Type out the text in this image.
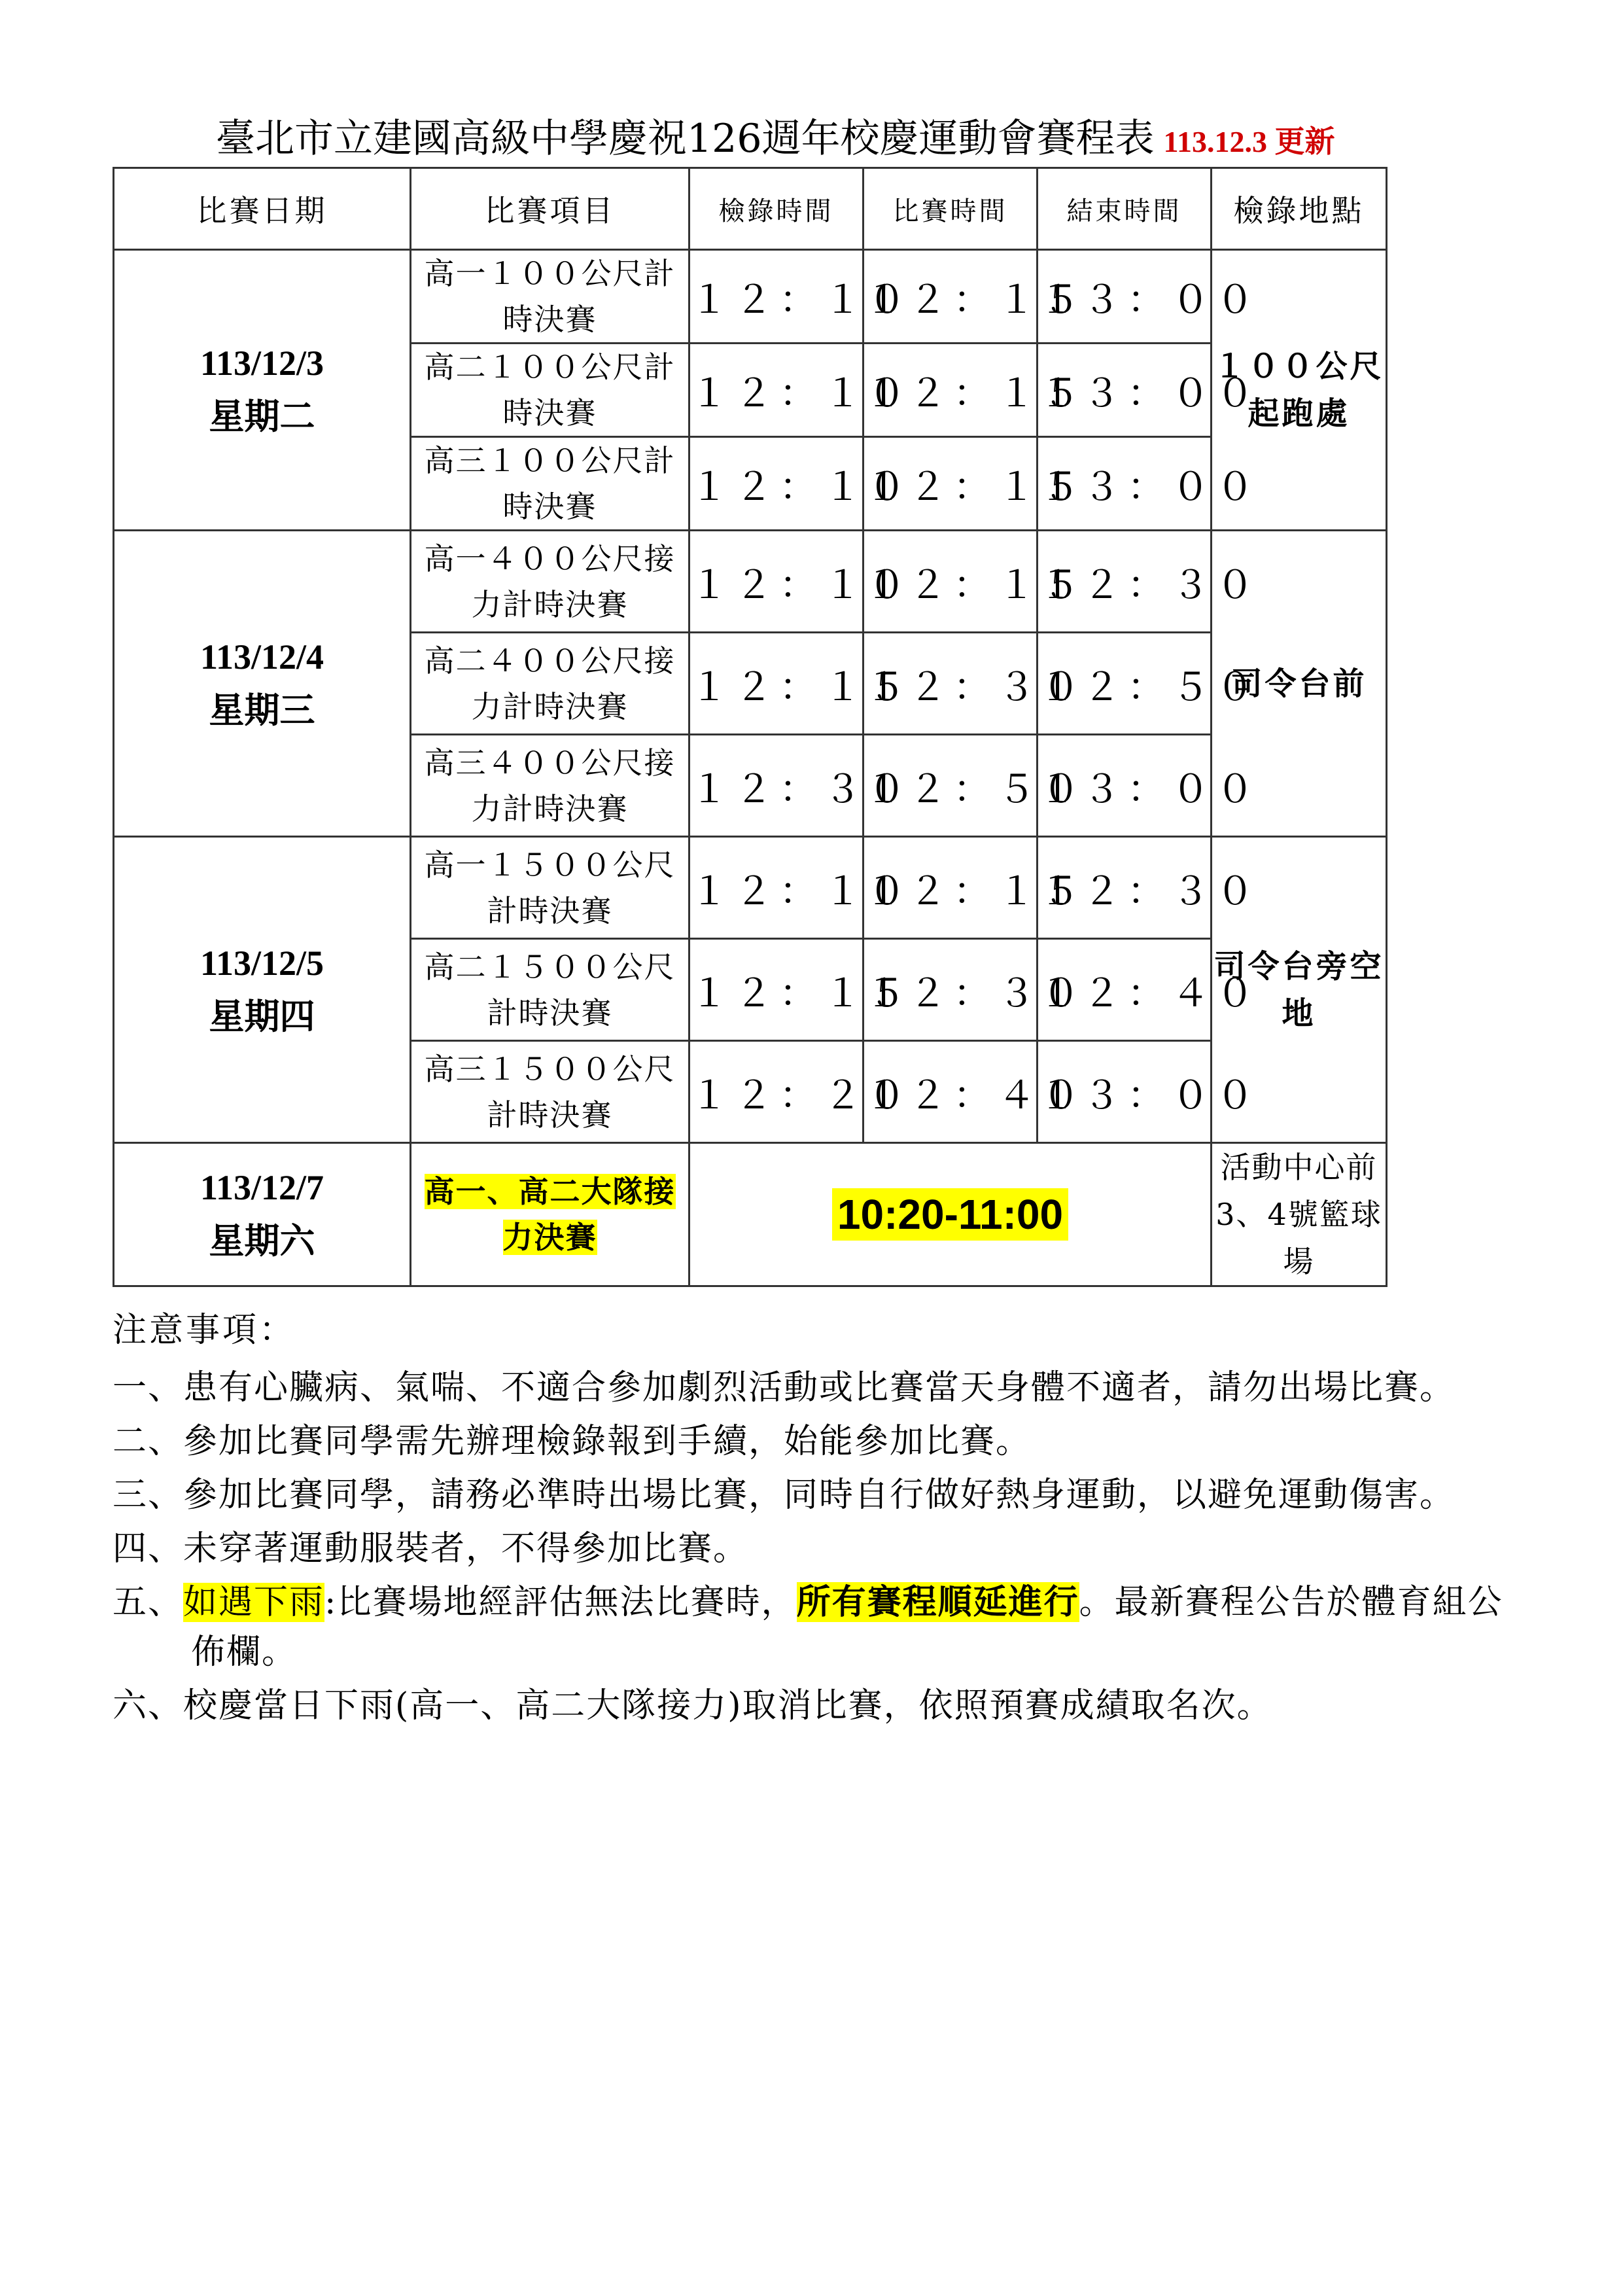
臺北市立建國高級中學慶祝126週年校慶運動會賽程表 113.12.3 更新
比賽日期	比賽項目	檢錄時間	比賽時間	結束時間	檢錄地點

113/12/3
星期二	高一１００公尺計時決賽	１２：１０	１２：１５	１３：００	１００公尺起跑處
	高二１００公尺計時決賽	１２：１０	１２：１５	１３：００	
	高三１００公尺計時決賽	１２：１０	１２：１５	１３：００	

113/12/4
星期三	高一４００公尺接力計時決賽	１２：１０	１２：１５	１２：３０	司令台前
	高二４００公尺接力計時決賽	１２：１５	１２：３０	１２：５０	
	高三４００公尺接力計時決賽	１２：３０	１２：５０	１３：００	

113/12/5
星期四	高一１５００公尺計時決賽	１２：１０	１２：１５	１２：３０	司令台旁空地
	高二１５００公尺計時決賽	１２：１５	１２：３０	１２：４０	
	高三１５００公尺計時決賽	１２：２０	１２：４０	１３：００	

113/12/7
星期六	高一、高二大隊接力決賽	10:20-11:00			活動中心前3、4號籃球場
注意事項：
一、患有心臟病、氣喘、不適合參加劇烈活動或比賽當天身體不適者，請勿出場比賽。
二、參加比賽同學需先辦理檢錄報到手續，始能參加比賽。
三、參加比賽同學，請務必準時出場比賽，同時自行做好熱身運動，以避免運動傷害。
四、未穿著運動服裝者，不得參加比賽。
五、如遇下雨:比賽場地經評估無法比賽時，所有賽程順延進行。最新賽程公告於體育組公佈欄。
六、校慶當日下雨(高一、高二大隊接力)取消比賽，依照預賽成績取名次。
